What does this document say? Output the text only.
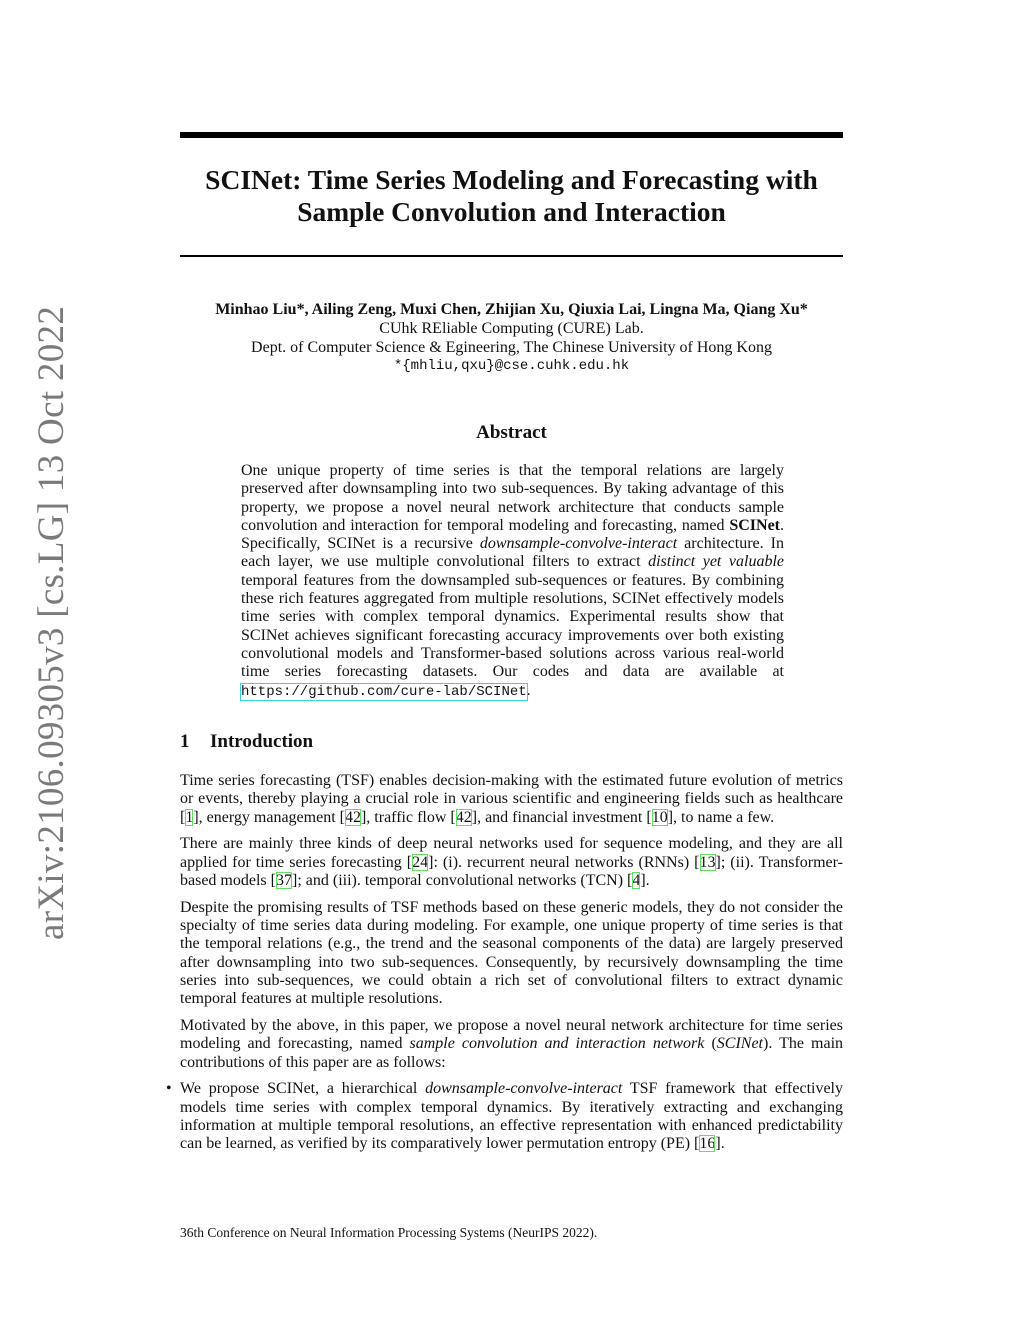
arXiv:2106.09305v3 [cs.LG] 13 Oct 2022
SCINet: Time Series Modeling and Forecasting with Sample Convolution and Interaction
Minhao Liu*, Ailing Zeng, Muxi Chen, Zhijian Xu, Qiuxia Lai, Lingna Ma, Qiang Xu*
CUhk REliable Computing (CURE) Lab.
Dept. of Computer Science & Egineering, The Chinese University of Hong Kong
*{mhliu,qxu}@cse.cuhk.edu.hk
Abstract
One unique property of time series is that the temporal relations are largely preserved after downsampling into two sub-sequences. By taking advantage of this property, we propose a novel neural network architecture that conducts sample convolution and interaction for temporal modeling and forecasting, named SCINet. Specifically, SCINet is a recursive downsample-convolve-interact architecture. In each layer, we use multiple convolutional filters to extract distinct yet valuable temporal features from the downsampled sub-sequences or features. By combining these rich features aggregated from multiple resolutions, SCINet effectively models time series with complex temporal dynamics. Experimental results show that SCINet achieves significant forecasting accuracy improvements over both existing convolutional models and Transformer-based solutions across various real-world time series forecasting datasets. Our codes and data are available at https://github.com/cure-lab/SCINet.
1 Introduction

Time series forecasting (TSF) enables decision-making with the estimated future evolution of metrics or events, thereby playing a crucial role in various scientific and engineering fields such as healthcare [1], energy management [42], traffic flow [42], and financial investment [10], to name a few.

There are mainly three kinds of deep neural networks used for sequence modeling, and they are all applied for time series forecasting [24]: (i). recurrent neural networks (RNNs) [13]; (ii). Transformer-based models [37]; and (iii). temporal convolutional networks (TCN) [4].

Despite the promising results of TSF methods based on these generic models, they do not consider the specialty of time series data during modeling. For example, one unique property of time series is that the temporal relations (e.g., the trend and the seasonal components of the data) are largely preserved after downsampling into two sub-sequences. Consequently, by recursively downsampling the time series into sub-sequences, we could obtain a rich set of convolutional filters to extract dynamic temporal features at multiple resolutions.

Motivated by the above, in this paper, we propose a novel neural network architecture for time series modeling and forecasting, named sample convolution and interaction network (SCINet). The main contributions of this paper are as follows:

• We propose SCINet, a hierarchical downsample-convolve-interact TSF framework that effectively models time series with complex temporal dynamics. By iteratively extracting and exchanging information at multiple temporal resolutions, an effective representation with enhanced predictability can be learned, as verified by its comparatively lower permutation entropy (PE) [16].

36th Conference on Neural Information Processing Systems (NeurIPS 2022).
